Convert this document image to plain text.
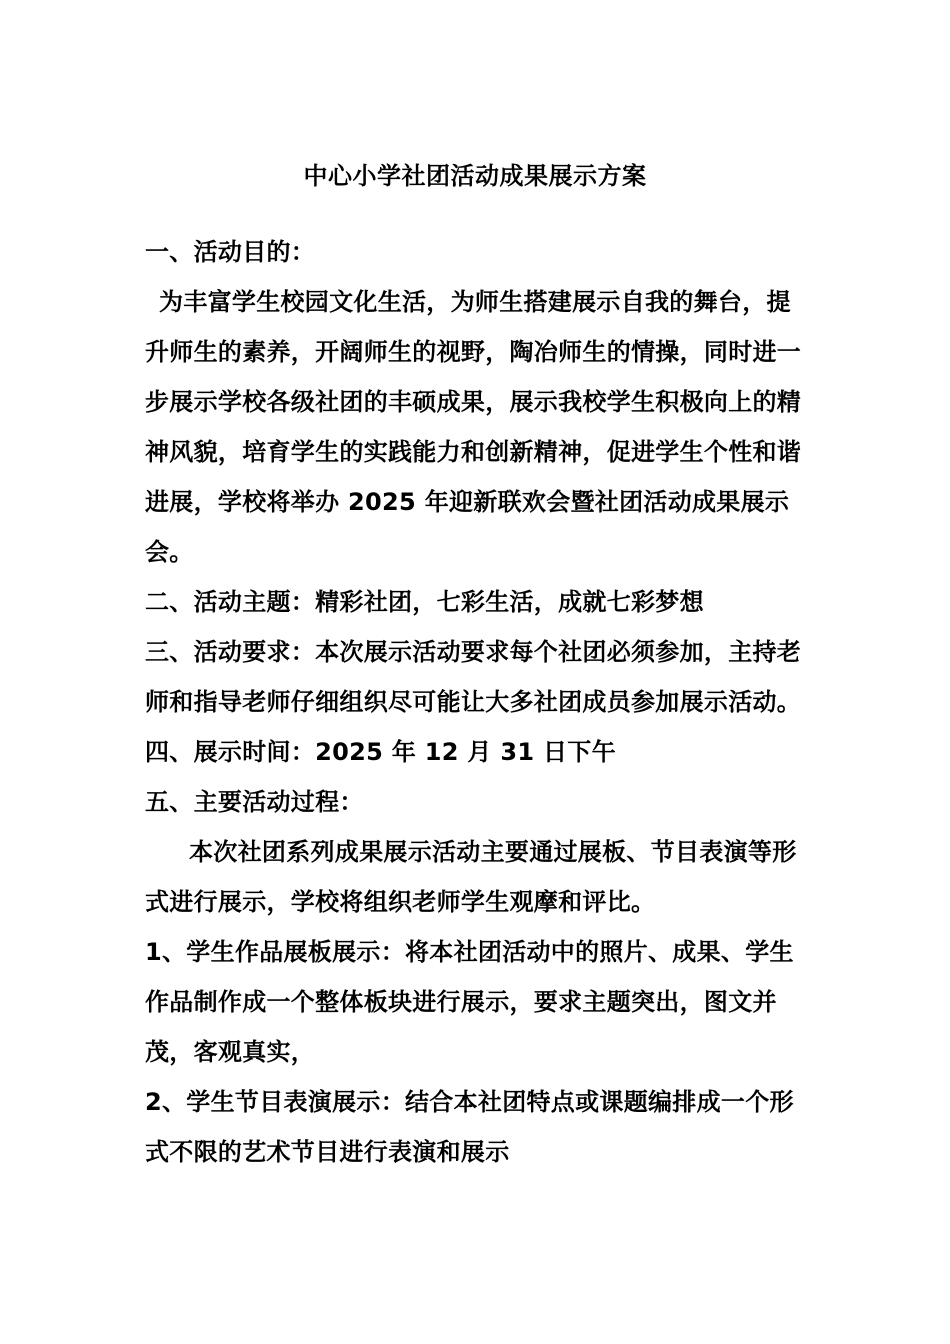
中心小学社团活动成果展示方案

一、活动目的：

为丰富学生校园文化生活，为师生搭建展示自我的舞台，提升师生的素养，开阔师生的视野，陶冶师生的情操，同时进一步展示学校各级社团的丰硕成果，展示我校学生积极向上的精神风貌，培育学生的实践能力和创新精神，促进学生个性和谐进展，学校将举办 2025 年迎新联欢会暨社团活动成果展示会。

二、活动主题：精彩社团，七彩生活，成就七彩梦想

三、活动要求：本次展示活动要求每个社团必须参加，主持老师和指导老师仔细组织尽可能让大多社团成员参加展示活动。

四、展示时间：2025 年 12 月 31 日下午

五、主要活动过程：

本次社团系列成果展示活动主要通过展板、节目表演等形式进行展示，学校将组织老师学生观摩和评比。

1、学生作品展板展示：将本社团活动中的照片、成果、学生作品制作成一个整体板块进行展示，要求主题突出，图文并茂，客观真实，

2、学生节目表演展示：结合本社团特点或课题编排成一个形式不限的艺术节目进行表演和展示
